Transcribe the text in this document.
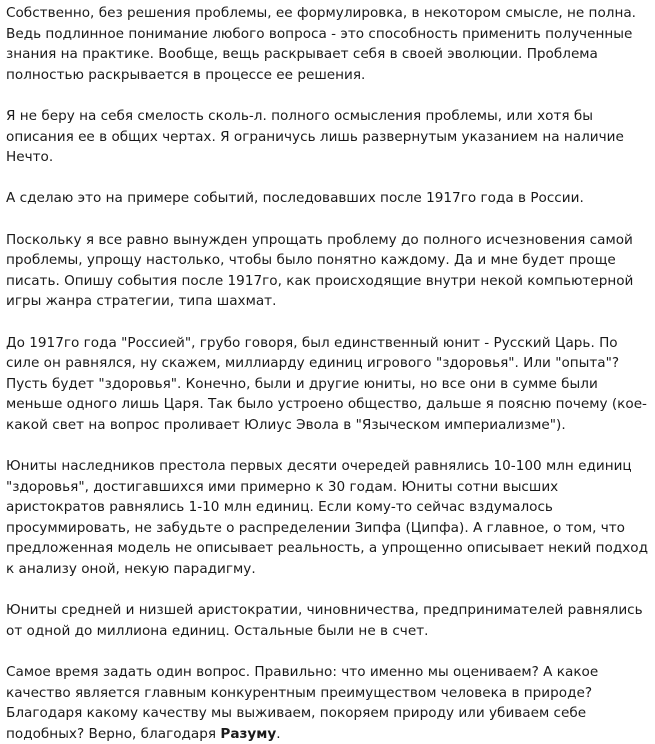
Собственно, без решения проблемы, ее формулировка, в некотором смысле, не полна. Ведь подлинное понимание любого вопроса - это способность применить полученные знания на практике. Вообще, вещь раскрывает себя в своей эволюции. Проблема полностью раскрывается в процессе ее решения.

Я не беру на себя смелость сколь-л. полного осмысления проблемы, или хотя бы описания ее в общих чертах. Я ограничусь лишь развернутым указанием на наличие Нечто.

А сделаю это на примере событий, последовавших после 1917го года в России.

Поскольку я все равно вынужден упрощать проблему до полного исчезновения самой проблемы, упрощу настолько, чтобы было понятно каждому. Да и мне будет проще писать. Опишу события после 1917го, как происходящие внутри некой компьютерной игры жанра стратегии, типа шахмат.

До 1917го года "Россией", грубо говоря, был единственный юнит - Русский Царь. По силе он равнялся, ну скажем, миллиарду единиц игрового "здоровья". Или "опыта"? Пусть будет "здоровья". Конечно, были и другие юниты, но все они в сумме были меньше одного лишь Царя. Так было устроено общество, дальше я поясню почему (кое-какой свет на вопрос проливает Юлиус Эвола в "Языческом империализме").

Юниты наследников престола первых десяти очередей равнялись 10-100 млн единиц "здоровья", достигавшихся ими примерно к 30 годам. Юниты сотни высших аристократов равнялись 1-10 млн единиц. Если кому-то сейчас вздумалось просуммировать, не забудьте о распределении Зипфа (Ципфа). А главное, о том, что предложенная модель не описывает реальность, а упрощенно описывает некий подход к анализу оной, некую парадигму.

Юниты средней и низшей аристократии, чиновничества, предпринимателей равнялись от одной до миллиона единиц. Остальные были не в счет.

Самое время задать один вопрос. Правильно: что именно мы оцениваем? А какое качество является главным конкурентным преимуществом человека в природе? Благодаря какому качеству мы выживаем, покоряем природу или убиваем себе подобных? Верно, благодаря Разуму.
